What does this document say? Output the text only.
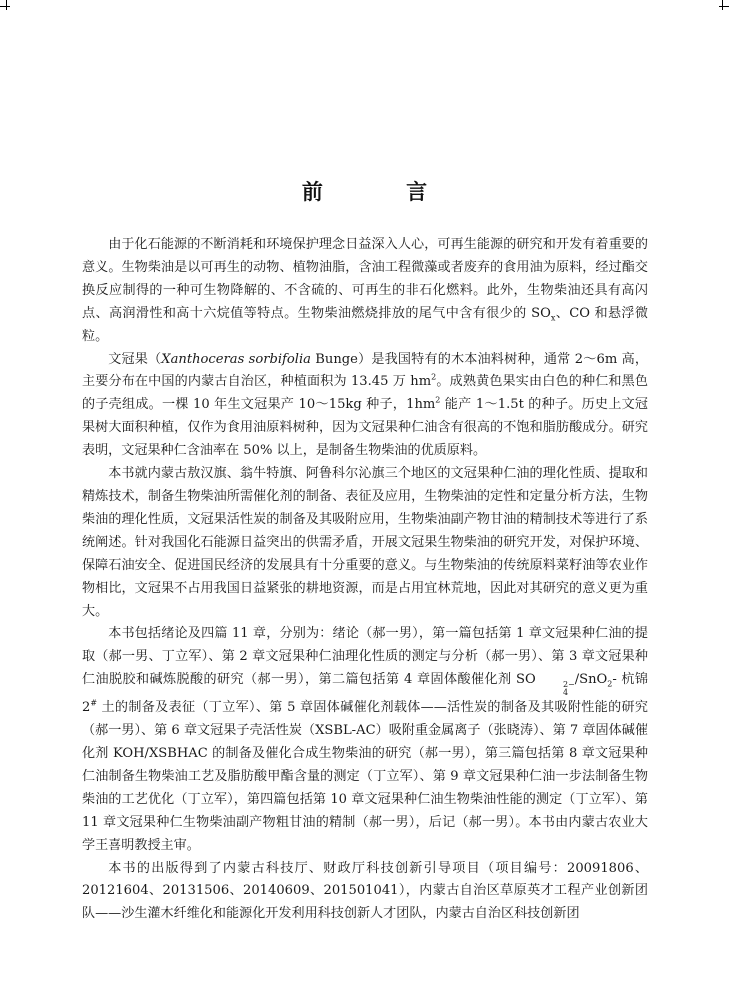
前 言

由于化石能源的不断消耗和环境保护理念日益深入人心，可再生能源的研究和开发有着重要的意义。生物柴油是以可再生的动物、植物油脂，含油工程微藻或者废弃的食用油为原料，经过酯交换反应制得的一种可生物降解的、不含硫的、可再生的非石化燃料。此外，生物柴油还具有高闪点、高润滑性和高十六烷值等特点。生物柴油燃烧排放的尾气中含有很少的 $SO_x$、CO 和悬浮微粒。

文冠果（Xanthoceras sorbifolia Bunge）是我国特有的木本油料树种，通常 2～6m 高，主要分布在中国的内蒙古自治区，种植面积为 13.45 万 $hm^2$。成熟黄色果实由白色的种仁和黑色的子壳组成。一棵 10 年生文冠果产 10～15kg 种子，$1hm^2$ 能产 1～1.5t 的种子。历史上文冠果树大面积种植，仅作为食用油原料树种，因为文冠果种仁油含有很高的不饱和脂肪酸成分。研究表明，文冠果种仁含油率在 50% 以上，是制备生物柴油的优质原料。

本书就内蒙古敖汉旗、翁牛特旗、阿鲁科尔沁旗三个地区的文冠果种仁油的理化性质、提取和精炼技术，制备生物柴油所需催化剂的制备、表征及应用，生物柴油的定性和定量分析方法，生物柴油的理化性质，文冠果活性炭的制备及其吸附应用，生物柴油副产物甘油的精制技术等进行了系统阐述。针对我国化石能源日益突出的供需矛盾，开展文冠果生物柴油的研究开发，对保护环境、保障石油安全、促进国民经济的发展具有十分重要的意义。与生物柴油的传统原料菜籽油等农业作物相比，文冠果不占用我国日益紧张的耕地资源，而是占用宜林荒地，因此对其研究的意义更为重大。

本书包括绪论及四篇 11 章，分别为：绪论（郝一男），第一篇包括第 1 章文冠果种仁油的提取（郝一男、丁立军）、第 2 章文冠果种仁油理化性质的测定与分析（郝一男）、第 3 章文冠果种仁油脱胶和碱炼脱酸的研究（郝一男），第二篇包括第 4 章固体酸催化剂 SO	2−
4
/SnO$_2$- 杭锦 2# 土的制备及表征（丁立军）、第 5 章固体碱催化剂载体——活性炭的制备及其吸附性能的研究（郝一男）、第 6 章文冠果子壳活性炭（XSBL-AC）吸附重金属离子（张晓涛）、第 7 章固体碱催化剂 KOH/XSBHAC 的制备及催化合成生物柴油的研究（郝一男），第三篇包括第 8 章文冠果种仁油制备生物柴油工艺及脂肪酸甲酯含量的测定（丁立军）、第 9 章文冠果种仁油一步法制备生物柴油的工艺优化（丁立军），第四篇包括第 10 章文冠果种仁油生物柴油性能的测定（丁立军）、第 11 章文冠果种仁生物柴油副产物粗甘油的精制（郝一男），后记（郝一男）。本书由内蒙古农业大学王喜明教授主审。

本书的出版得到了内蒙古科技厅、财政厅科技创新引导项目（项目编号：20091806、20121604、20131506、20140609、201501041），内蒙古自治区草原英才工程产业创新团队——沙生灌木纤维化和能源化开发利用科技创新人才团队，内蒙古自治区科技创新团
